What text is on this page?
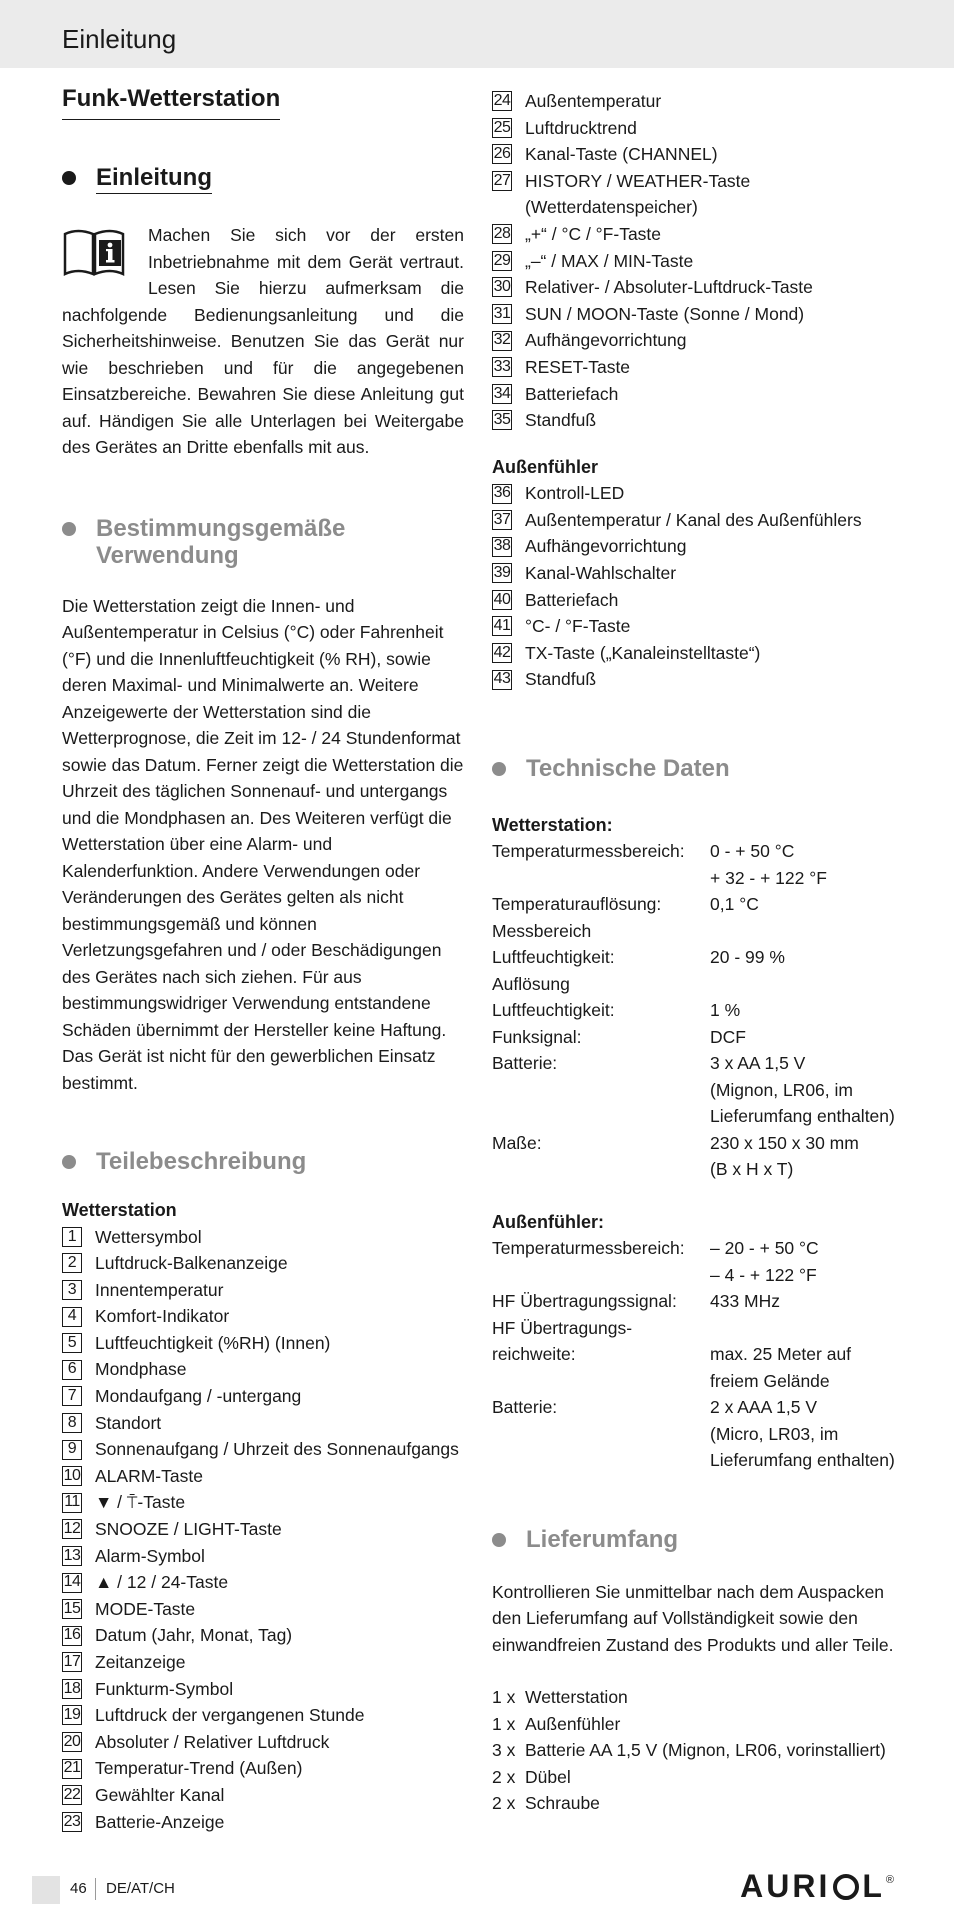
Einleitung
Funk-Wetterstation
Einleitung

Machen Sie sich vor der ersten Inbetriebnahme mit dem Gerät vertraut. Lesen Sie hierzu aufmerksam die nachfolgende Bedienungsanleitung und die Sicherheitshinweise. Benutzen Sie das Gerät nur wie beschrieben und für die angegebenen Einsatzbereiche. Bewahren Sie diese Anleitung gut auf. Händigen Sie alle Unterlagen bei Weitergabe des Gerätes an Dritte ebenfalls mit aus.

Bestimmungsgemäße Verwendung

Die Wetterstation zeigt die Innen- und Außentemperatur in Celsius (°C) oder Fahrenheit (°F) und die Innenluftfeuchtigkeit (% RH), sowie deren Maximal- und Minimalwerte an. Weitere Anzeigewerte der Wetterstation sind die Wetterprognose, die Zeit im 12- / 24 Stundenformat sowie das Datum. Ferner zeigt die Wetterstation die Uhrzeit des täglichen Sonnenauf- und untergangs und die Mondphasen an. Des Weiteren verfügt die Wetterstation über eine Alarm- und Kalenderfunktion. Andere Verwendungen oder Veränderungen des Gerätes gelten als nicht bestimmungsgemäß und können Verletzungsgefahren und / oder Beschädigungen des Gerätes nach sich ziehen. Für aus bestimmungswidriger Verwendung entstandene Schäden übernimmt der Hersteller keine Haftung. Das Gerät ist nicht für den gewerblichen Einsatz bestimmt.

Teilebeschreibung

Wetterstation

1	Wettersymbol
2	Luftdruck-Balkenanzeige
3	Innentemperatur
4	Komfort-Indikator
5	Luftfeuchtigkeit (%RH) (Innen)
6	Mondphase
7	Mondaufgang / -untergang
8	Standort
9	Sonnenaufgang / Uhrzeit des Sonnenaufgangs
10 ALARM-Taste
11 ▼ / ⍑-Taste
12 SNOOZE / LIGHT-Taste
13 Alarm-Symbol
14 ▲ / 12 / 24-Taste
15 MODE-Taste
16 Datum (Jahr, Monat, Tag)
17 Zeitanzeige
18 Funkturm-Symbol
19 Luftdruck der vergangenen Stunde
20 Absoluter / Relativer Luftdruck
21 Temperatur-Trend (Außen)
22 Gewählter Kanal
23 Batterie-Anzeige
24 Außentemperatur
25 Luftdrucktrend
26 Kanal-Taste (CHANNEL)
27 HISTORY / WEATHER-Taste
(Wetterdatenspeicher)
28 „+“ / °C / °F-Taste
29 „–“ / MAX / MIN-Taste
30 Relativer- / Absoluter-Luftdruck-Taste
31 SUN / MOON-Taste (Sonne / Mond)
32 Aufhängevorrichtung
33 RESET-Taste
34 Batteriefach
35 Standfuß

Außenfühler

36 Kontroll-LED
37 Außentemperatur / Kanal des Außenfühlers
38 Aufhängevorrichtung
39 Kanal-Wahlschalter
40 Batteriefach
41 °C- / °F-Taste
42 TX-Taste („Kanaleinstelltaste“)
43 Standfuß
Technische Daten

Wetterstation:

Temperaturmessbereich:	0 - + 50 °C
+ 32 - + 122 °F
Temperaturauflösung:	0,1 °C
Messbereich
Luftfeuchtigkeit:	20 - 99 %
Auflösung
Luftfeuchtigkeit:	1 %
Funksignal:	DCF
Batterie:	3 x AA 1,5 V
(Mignon, LR06, im
Lieferumfang enthalten)
Maße:	230 x 150 x 30 mm
(B x H x T)

Außenfühler:

Temperaturmessbereich:	– 20 - + 50 °C
– 4 - + 122 °F
HF Übertragungssignal:	433 MHz
HF Übertragungs-
reichweite:	max. 25 Meter auf
freiem Gelände
Batterie:	2 x AAA 1,5 V
(Micro, LR03, im
Lieferumfang enthalten)
Lieferumfang

Kontrollieren Sie unmittelbar nach dem Auspacken den Lieferumfang auf Vollständigkeit sowie den einwandfreien Zustand des Produkts und aller Teile.

1 x Wetterstation
1 x Außenfühler
3 x Batterie AA 1,5 V (Mignon, LR06, vorinstalliert)
2 x Dübel
2 x Schraube
46 DE/AT/CH	AURI L®
